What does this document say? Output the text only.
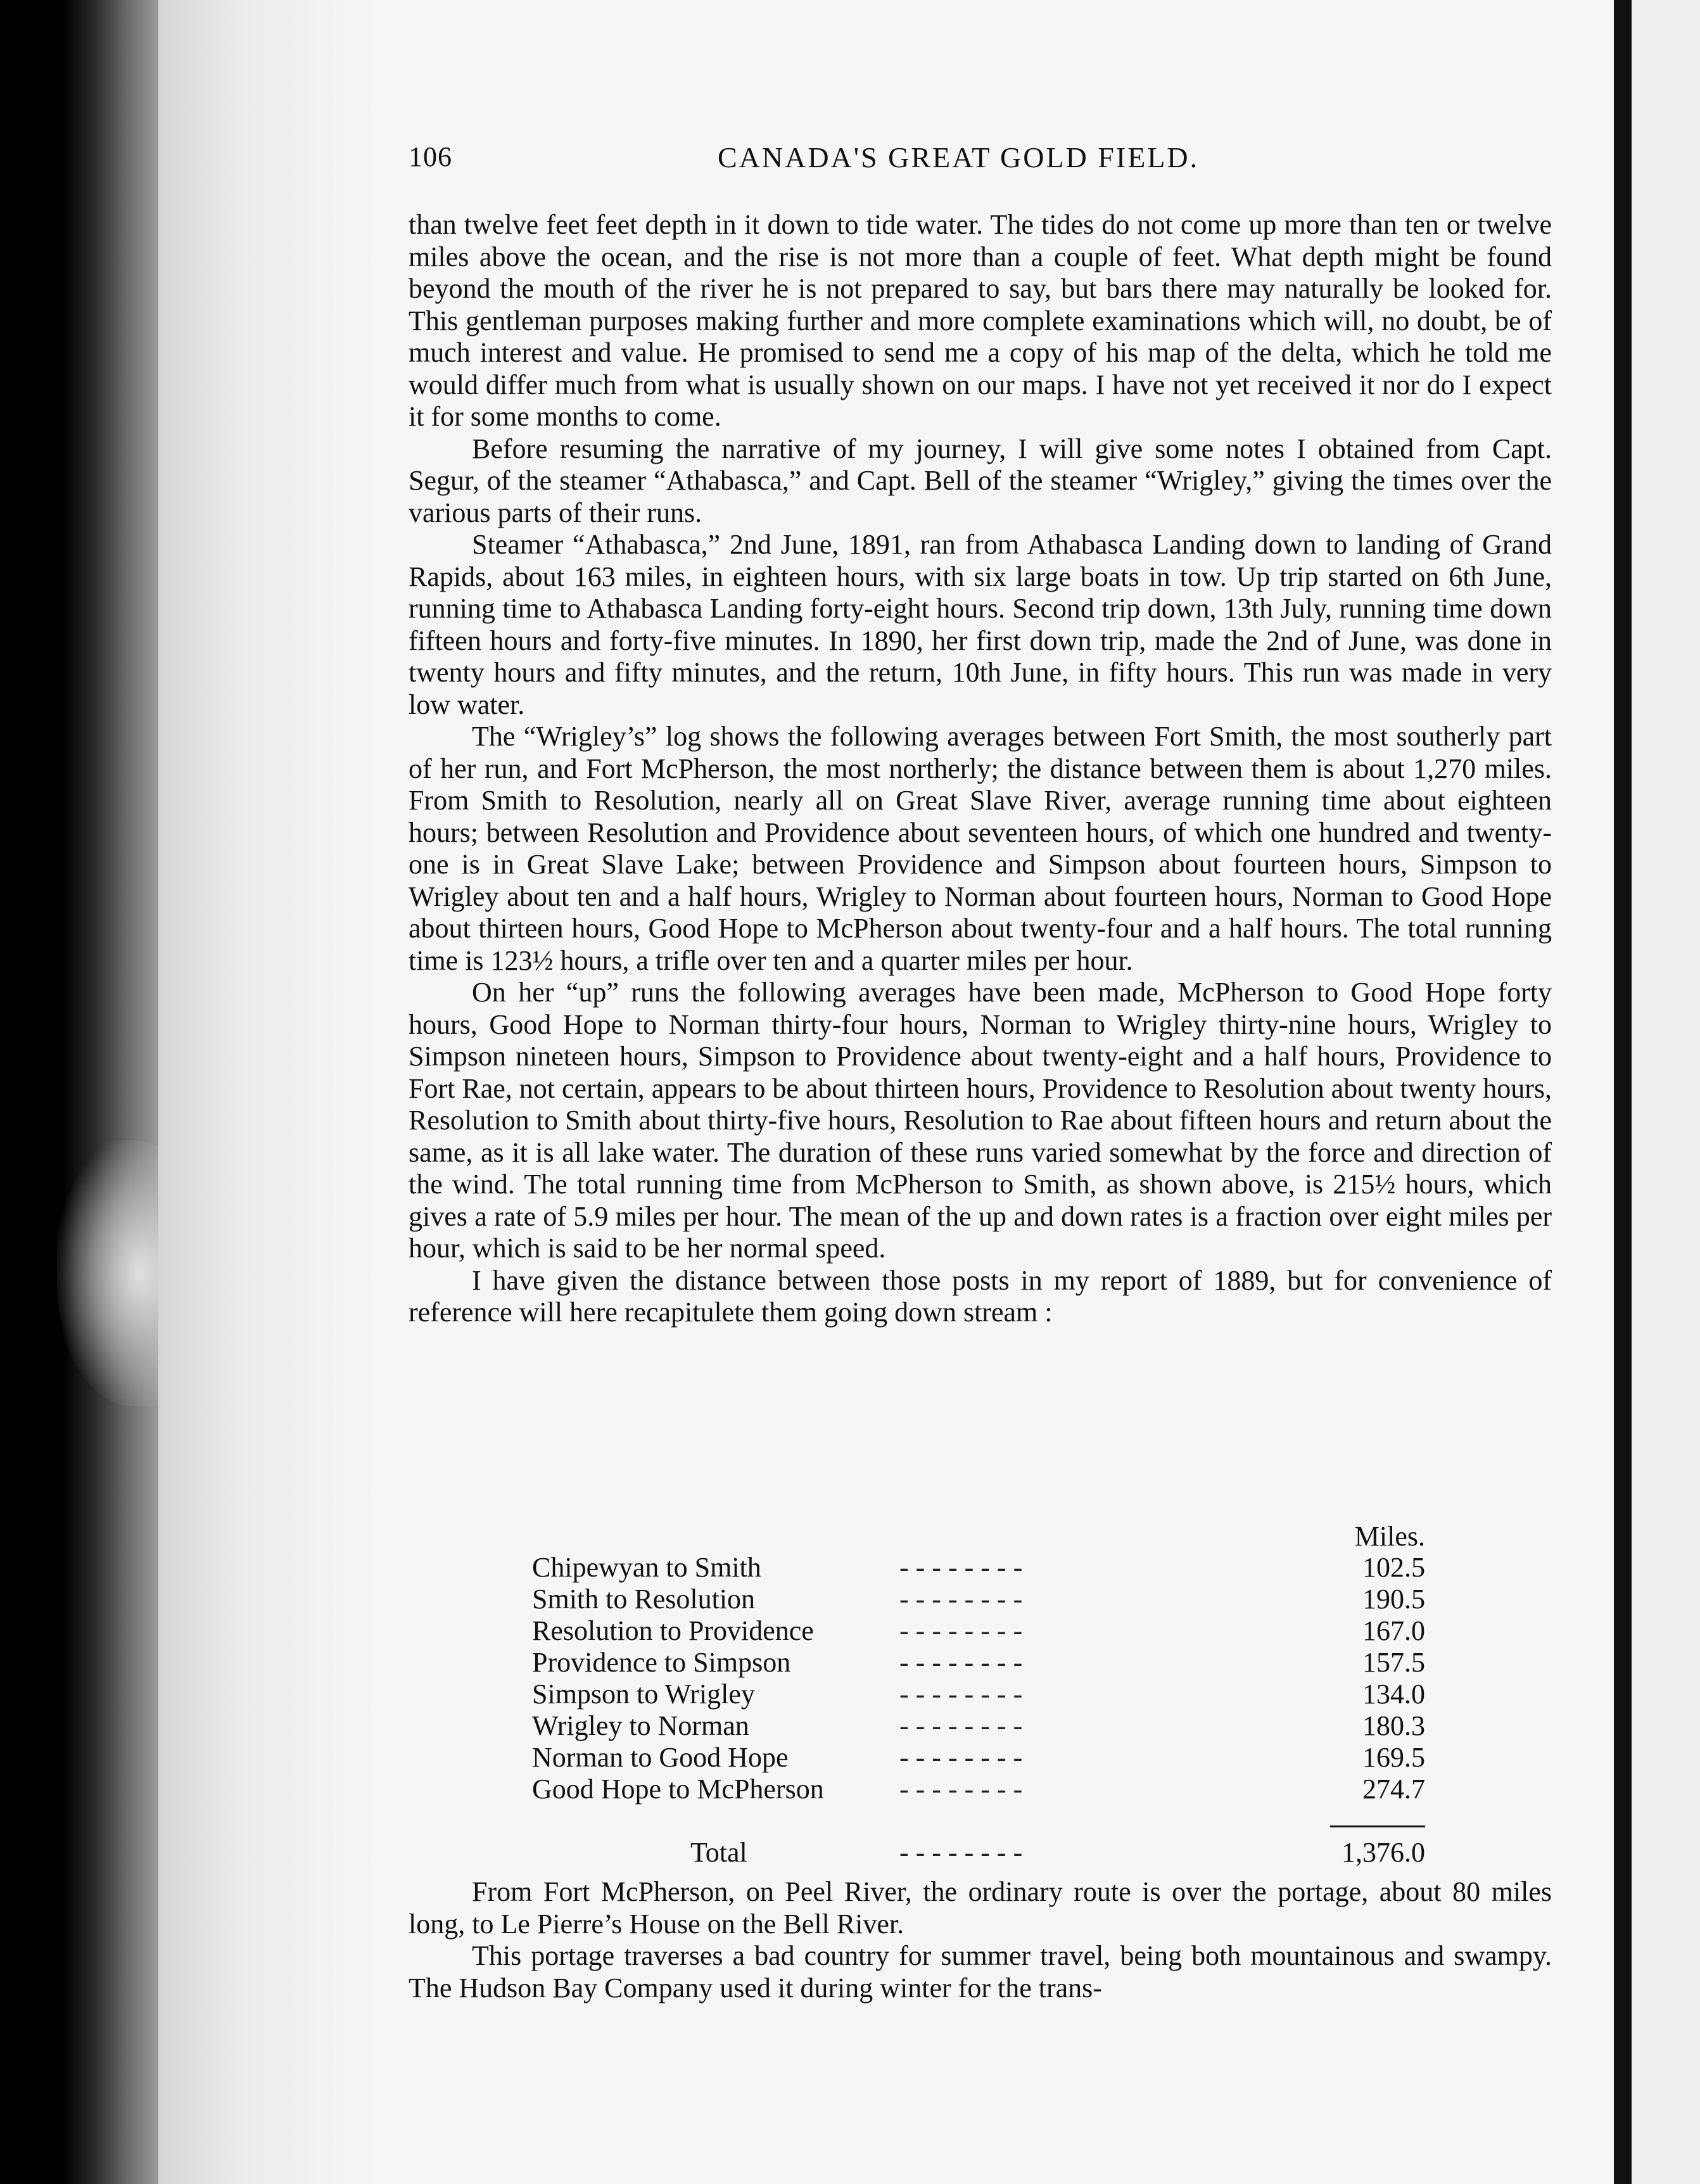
106	CANADA'S GREAT GOLD FIELD.

than twelve feet feet depth in it down to tide water. The tides do not come up more than ten or twelve miles above the ocean, and the rise is not more than a couple of feet. What depth might be found beyond the mouth of the river he is not prepared to say, but bars there may naturally be looked for. This gentleman purposes making further and more complete examinations which will, no doubt, be of much interest and value. He promised to send me a copy of his map of the delta, which he told me would differ much from what is usually shown on our maps. I have not yet received it nor do I expect it for some months to come.

Before resuming the narrative of my journey, I will give some notes I obtained from Capt. Segur, of the steamer “Athabasca,” and Capt. Bell of the steamer “Wrigley,” giving the times over the various parts of their runs.

Steamer “Athabasca,” 2nd June, 1891, ran from Athabasca Landing down to landing of Grand Rapids, about 163 miles, in eighteen hours, with six large boats in tow. Up trip started on 6th June, running time to Athabasca Landing forty-eight hours. Second trip down, 13th July, running time down fifteen hours and forty-five minutes. In 1890, her first down trip, made the 2nd of June, was done in twenty hours and fifty minutes, and the return, 10th June, in fifty hours. This run was made in very low water.

The “Wrigley’s” log shows the following averages between Fort Smith, the most southerly part of her run, and Fort McPherson, the most northerly; the distance between them is about 1,270 miles. From Smith to Resolution, nearly all on Great Slave River, average running time about eighteen hours; between Resolution and Providence about seventeen hours, of which one hundred and twenty-one is in Great Slave Lake; between Providence and Simpson about fourteen hours, Simpson to Wrigley about ten and a half hours, Wrigley to Norman about fourteen hours, Norman to Good Hope about thirteen hours, Good Hope to McPherson about twenty-four and a half hours. The total running time is 123½ hours, a trifle over ten and a quarter miles per hour.

On her “up” runs the following averages have been made, McPherson to Good Hope forty hours, Good Hope to Norman thirty-four hours, Norman to Wrigley thirty-nine hours, Wrigley to Simpson nineteen hours, Simpson to Providence about twenty-eight and a half hours, Providence to Fort Rae, not certain, appears to be about thirteen hours, Providence to Resolution about twenty hours, Resolution to Smith about thirty-five hours, Resolution to Rae about fifteen hours and return about the same, as it is all lake water. The duration of these runs varied somewhat by the force and direction of the wind. The total running time from McPherson to Smith, as shown above, is 215½ hours, which gives a rate of 5.9 miles per hour. The mean of the up and down rates is a fraction over eight miles per hour, which is said to be her normal speed.

I have given the distance between those posts in my report of 1889, but for convenience of reference will here recapitulete them going down stream :

Miles.
Chipewyan to Smith	- - - - - - - -	102.5
Smith to Resolution	- - - - - - - -	190.5
Resolution to Providence	- - - - - - - -	167.0
Providence to Simpson	- - - - - - - -	157.5
Simpson to Wrigley	- - - - - - - -	134.0
Wrigley to Norman	- - - - - - - -	180.3
Norman to Good Hope	- - - - - - - -	169.5
Good Hope to McPherson	- - - - - - - -	274.7
Total	- - - - - - - -	1,376.0

From Fort McPherson, on Peel River, the ordinary route is over the portage, about 80 miles long, to Le Pierre’s House on the Bell River.

This portage traverses a bad country for summer travel, being both mountainous and swampy. The Hudson Bay Company used it during winter for the trans-
